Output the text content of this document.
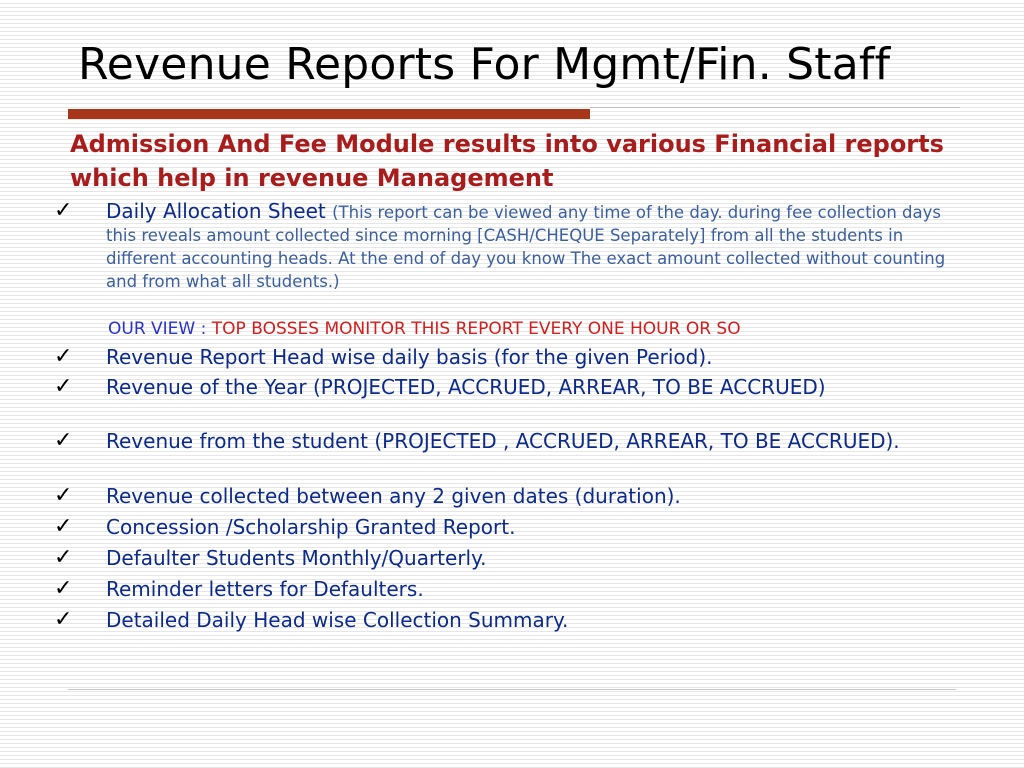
Revenue Reports For Mgmt/Fin. Staff

Admission And Fee Module results into various Financial reports which help in revenue Management

✓	Daily Allocation Sheet (This report can be viewed any time of the day. during fee collection days this reveals amount collected since morning [CASH/CHEQUE Separately] from all the students in different accounting heads. At the end of day you know The exact amount collected without counting and from what all students.)
✓	Revenue Report Head wise daily basis (for the given Period).
✓	Revenue of the Year (PROJECTED, ACCRUED, ARREAR, TO BE ACCRUED)
✓	Revenue from the student (PROJECTED , ACCRUED, ARREAR, TO BE ACCRUED).
✓	Revenue collected between any 2 given dates (duration).
✓	Concession /Scholarship Granted Report.
✓	Defaulter Students Monthly/Quarterly.
✓	Reminder letters for Defaulters.
✓	Detailed Daily Head wise Collection Summary.
OUR VIEW : TOP BOSSES MONITOR THIS REPORT EVERY ONE HOUR OR SO
